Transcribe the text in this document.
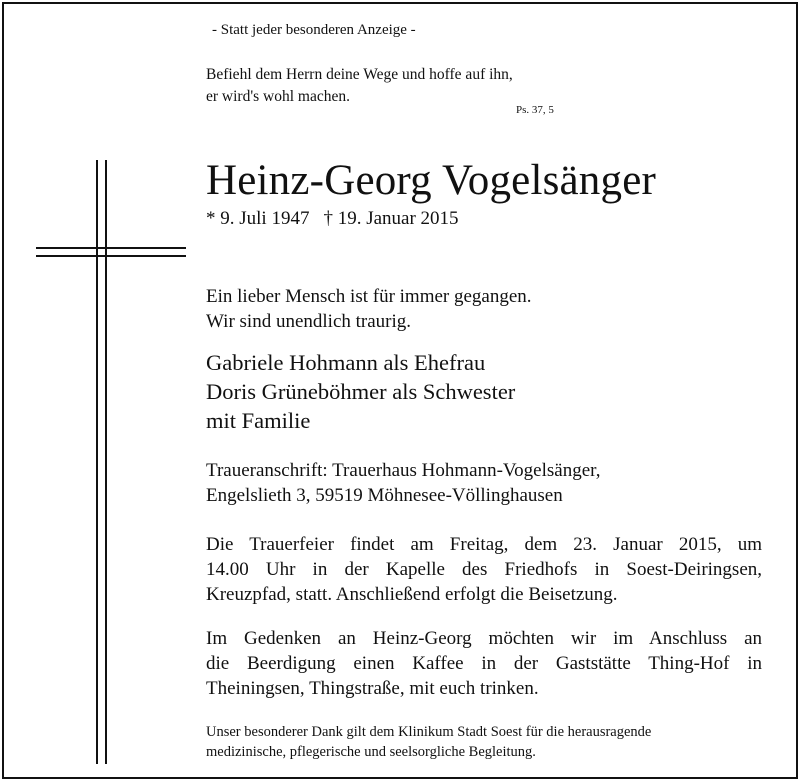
- Statt jeder besonderen Anzeige -

Befiehl dem Herrn deine Wege und hoffe auf ihn,
er wird's wohl machen.

Ps. 37, 5

Heinz-Georg Vogelsänger

* 9. Juli 1947 † 19. Januar 2015

Ein lieber Mensch ist für immer gegangen.
Wir sind unendlich traurig.
Gabriele Hohmann als Ehefrau
Doris Grüneböhmer als Schwester
mit Familie
Traueranschrift: Trauerhaus Hohmann-Vogelsänger,
Engelslieth 3, 59519 Möhnesee-Völlinghausen
Die Trauerfeier findet am Freitag, dem 23. Januar 2015, um
14.00 Uhr in der Kapelle des Friedhofs in Soest-Deiringsen,
Kreuzpfad, statt. Anschließend erfolgt die Beisetzung.
Im Gedenken an Heinz-Georg möchten wir im Anschluss an
die Beerdigung einen Kaffee in der Gaststätte Thing-Hof in
Theiningsen, Thingstraße, mit euch trinken.
Unser besonderer Dank gilt dem Klinikum Stadt Soest für die herausragende
medizinische, pflegerische und seelsorgliche Begleitung.
